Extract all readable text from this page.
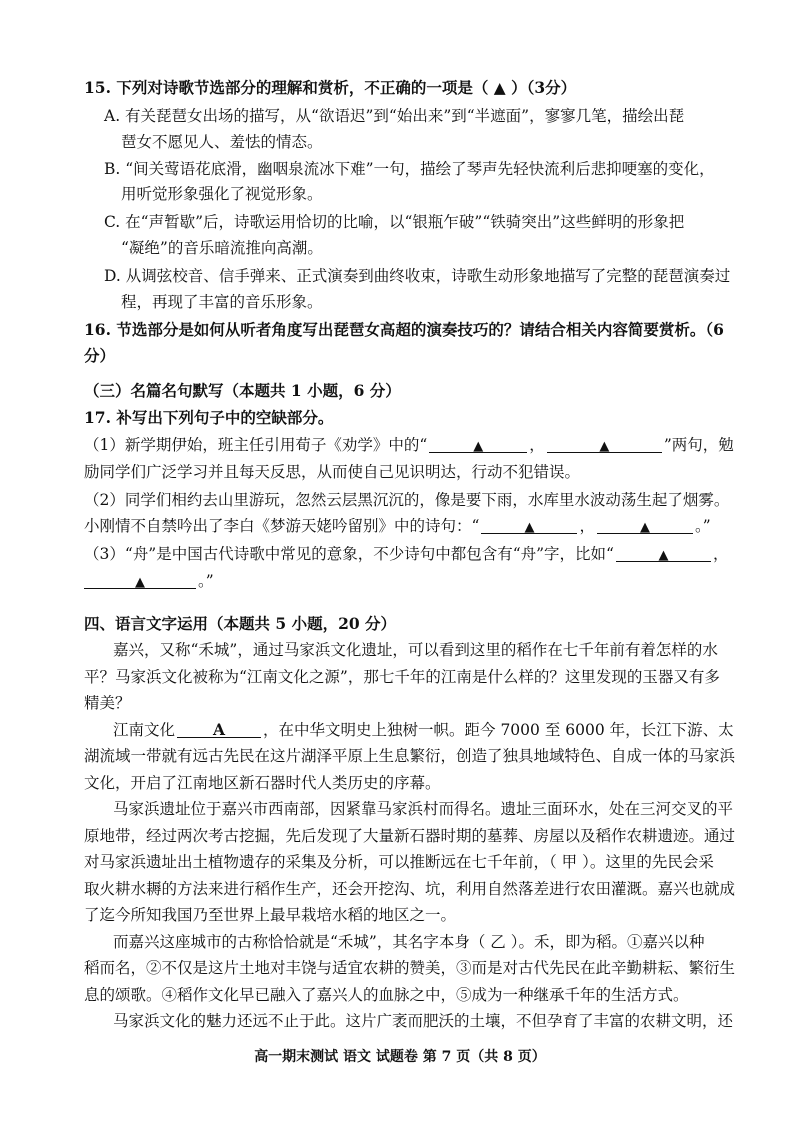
15. 下列对诗歌节选部分的理解和赏析，不正确的一项是（ ▲ ）（3分）
A. 有关琵琶女出场的描写，从“欲语迟”到“始出来”到“半遮面”，寥寥几笔，描绘出琵
琶女不愿见人、羞怯的情态。
B. “间关莺语花底滑，幽咽泉流冰下难”一句，描绘了琴声先轻快流利后悲抑哽塞的变化，
用听觉形象强化了视觉形象。
C. 在“声暂歇”后，诗歌运用恰切的比喻，以“银瓶乍破”“铁骑突出”这些鲜明的形象把
“凝绝”的音乐暗流推向高潮。
D. 从调弦校音、信手弹来、正式演奏到曲终收束，诗歌生动形象地描写了完整的琵琶演奏过
程，再现了丰富的音乐形象。
16. 节选部分是如何从听者角度写出琵琶女高超的演奏技巧的？请结合相关内容简要赏析。（6
分）
（三）名篇名句默写（本题共 1 小题，6 分）
17. 补写出下列句子中的空缺部分。
（1）新学期伊始，班主任引用荀子《劝学》中的“	▲	，	▲	”两句，勉
励同学们广泛学习并且每天反思，从而使自己见识明达，行动不犯错误。
（2）同学们相约去山里游玩，忽然云层黑沉沉的，像是要下雨，水库里水波动荡生起了烟雾。
小刚情不自禁吟出了李白《梦游天姥吟留别》中的诗句：“	▲	，	▲	。”
（3）“舟”是中国古代诗歌中常见的意象，不少诗句中都包含有“舟”字，比如“	▲	，
▲	。”
四、语言文字运用（本题共 5 小题，20 分）
嘉兴，又称“禾城”，通过马家浜文化遗址，可以看到这里的稻作在七千年前有着怎样的水
平？马家浜文化被称为“江南文化之源”，那七千年的江南是什么样的？这里发现的玉器又有多
精美？
江南文化 A ，在中华文明史上独树一帜。距今 7000 至 6000 年，长江下游、太
湖流域一带就有远古先民在这片湖泽平原上生息繁衍，创造了独具地域特色、自成一体的马家浜
文化，开启了江南地区新石器时代人类历史的序幕。
马家浜遗址位于嘉兴市西南部，因紧靠马家浜村而得名。遗址三面环水，处在三河交叉的平
原地带，经过两次考古挖掘，先后发现了大量新石器时期的墓葬、房屋以及稻作农耕遗迹。通过
对马家浜遗址出土植物遗存的采集及分析，可以推断远在七千年前，（ 甲 ）。这里的先民会采
取火耕水耨的方法来进行稻作生产，还会开挖沟、坑，利用自然落差进行农田灌溉。嘉兴也就成
了迄今所知我国乃至世界上最早栽培水稻的地区之一。
而嘉兴这座城市的古称恰恰就是“禾城”，其名字本身（ 乙 ）。禾，即为稻。①嘉兴以种
稻而名，②不仅是这片土地对丰饶与适宜农耕的赞美，③而是对古代先民在此辛勤耕耘、繁衍生
息的颂歌。④稻作文化早已融入了嘉兴人的血脉之中，⑤成为一种继承千年的生活方式。
马家浜文化的魅力还远不止于此。这片广袤而肥沃的土壤，不但孕育了丰富的农耕文明，还
高一期末测试 语文 试题卷 第 7 页（共 8 页）
